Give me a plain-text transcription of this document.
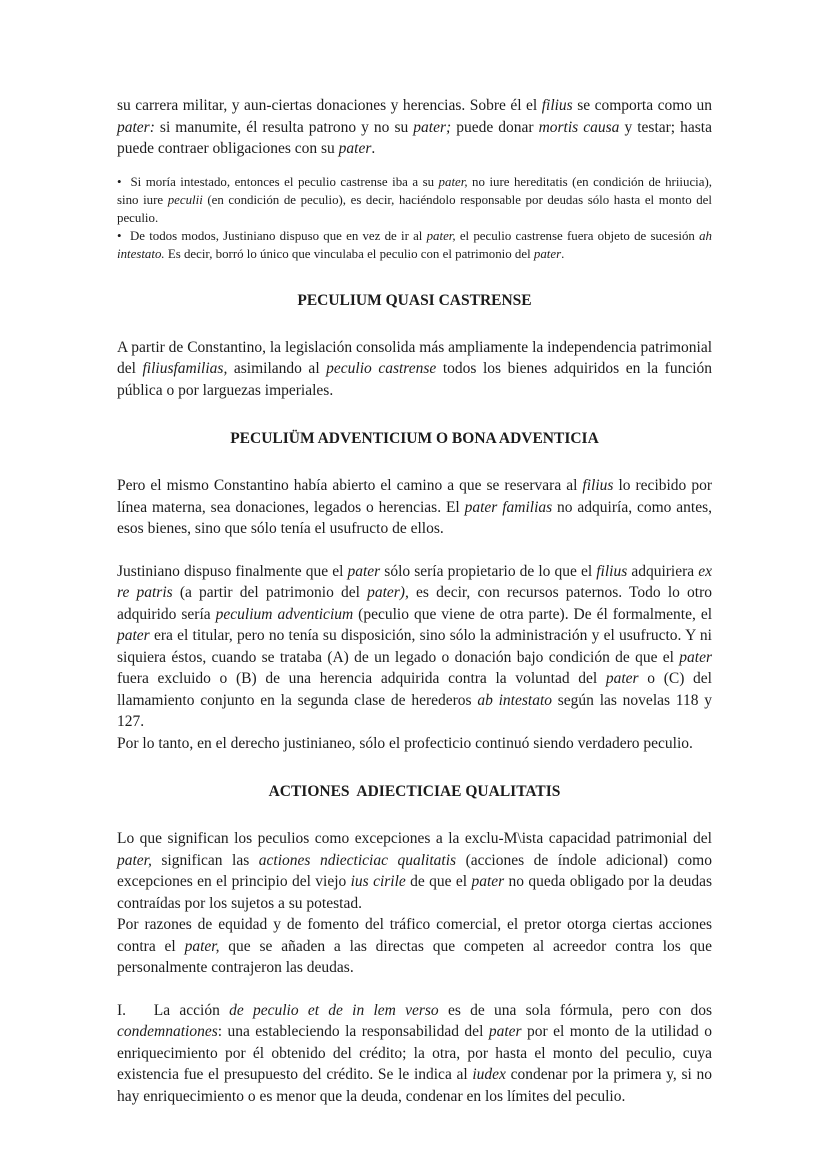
su carrera militar, y aun-ciertas donaciones y herencias. Sobre él el filius se comporta como un pater: si manumite, él resulta patrono y no su pater; puede donar mortis causa y testar; hasta puede contraer obligaciones con su pater.

•  Si moría intestado, entonces el peculio castrense iba a su pater, no iure hereditatis (en condición de hriiucia), sino iure peculii (en condición de peculio), es decir, haciéndolo responsable por deudas sólo hasta el monto del peculio.

•  De todos modos, Justiniano dispuso que en vez de ir al pater, el peculio castrense fuera objeto de sucesión ah intestato. Es decir, borró lo único que vinculaba el peculio con el patrimonio del pater.

PECULIUM QUASI CASTRENSE

A partir de Constantino, la legislación consolida más ampliamente la independencia patrimonial del filiusfamilias, asimilando al peculio castrense todos los bienes adquiridos en la función pública o por larguezas imperiales.

PECULIÜM ADVENTICIUM O BONA ADVENTICIA

Pero el mismo Constantino había abierto el camino a que se reservara al filius lo recibido por línea materna, sea donaciones, legados o herencias. El pater familias no adquiría, como antes, esos bienes, sino que sólo tenía el usufructo de ellos.

Justiniano dispuso finalmente que el pater sólo sería propietario de lo que el filius adquiriera ex re patris (a partir del patrimonio del pater), es decir, con recursos paternos. Todo lo otro adquirido sería peculium adventicium (peculio que viene de otra parte). De él formalmente, el pater era el titular, pero no tenía su disposición, sino sólo la administración y el usufructo. Y ni siquiera éstos, cuando se trataba (A) de un legado o donación bajo condición de que el pater fuera excluido o (B) de una herencia adquirida contra la voluntad del pater o (C) del llamamiento conjunto en la segunda clase de herederos ab intestato según las novelas 118 y 127.

Por lo tanto, en el derecho justinianeo, sólo el profecticio continuó siendo verdadero peculio.

ACTIONES  ADIECTICIAE QUALITATIS

Lo que significan los peculios como excepciones a la exclu-M\ista capacidad patrimonial del pater, significan las actiones ndiecticiac qualitatis (acciones de índole adicional) como excepciones en el principio del viejo ius cirile de que el pater no queda obligado por la deudas contraídas por los sujetos a su potestad.

Por razones de equidad y de fomento del tráfico comercial, el pretor otorga ciertas acciones contra el pater, que se añaden a las directas que competen al acreedor contra los que personalmente contrajeron las deudas.

I.   La acción de peculio et de in lem verso es de una sola fórmula, pero con dos condemnationes: una estableciendo la responsabilidad del pater por el monto de la utilidad o enriquecimiento por él obtenido del crédito; la otra, por hasta el monto del peculio, cuya existencia fue el presupuesto del crédito. Se le indica al iudex condenar por la primera y, si no hay enriquecimiento o es menor que la deuda, condenar en los límites del peculio.
